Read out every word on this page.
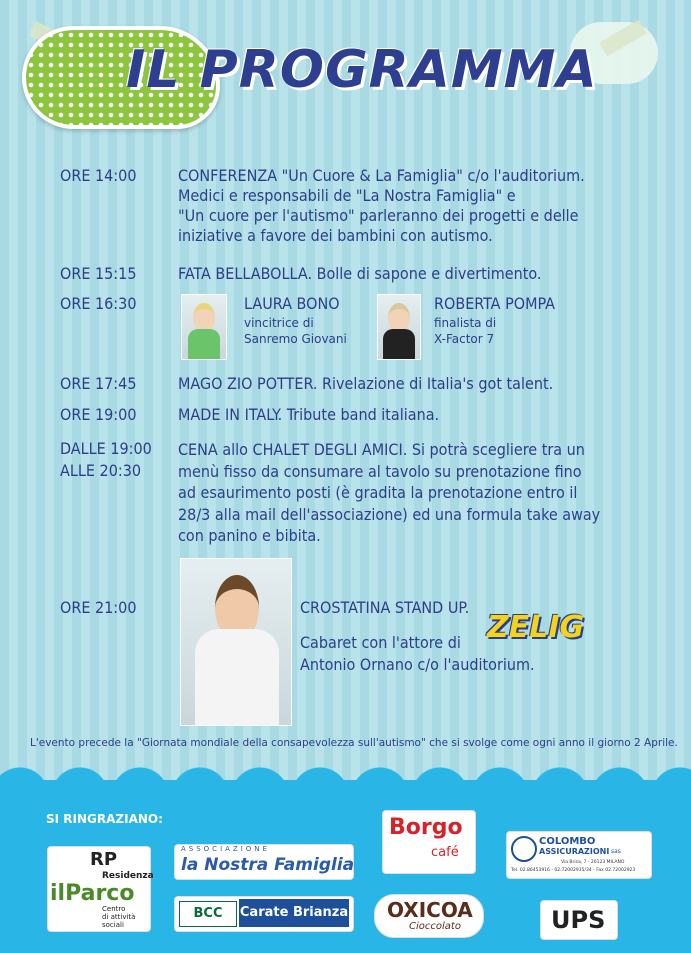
IL PROGRAMMA
ORE 14:00	CONFERENZA "Un Cuore & La Famiglia" c/o l'auditorium.
Medici e responsabili de "La Nostra Famiglia" e
"Un cuore per l'autismo" parleranno dei progetti e delle
iniziative a favore dei bambini con autismo.
ORE 15:15	FATA BELLABOLLA. Bolle di sapone e divertimento.
ORE 16:30	LAURA BONO
vincitrice di
Sanremo Giovani
ROBERTA POMPA
finalista di
X-Factor 7
ORE 17:45	MAGO ZIO POTTER. Rivelazione di Italia's got talent.
ORE 19:00	MADE IN ITALY. Tribute band italiana.
DALLE 19:00
ALLE 20:30
CENA allo CHALET DEGLI AMICI. Si potrà scegliere tra un
menù fisso da consumare al tavolo su prenotazione fino
ad esaurimento posti (è gradita la prenotazione entro il
28/3 alla mail dell'associazione) ed una formula take away
con panino e bibita.
ORE 21:00	CROSTATINA STAND UP.
Cabaret con l'attore di ZELIG
Antonio Ornano c/o l'auditorium.
L'evento precede la "Giornata mondiale della consapevolezza sull'autismo" che si svolge come ogni anno il giorno 2 Aprile.
SI RINGRAZIANO:
RP
Residenza
ilParco
Centro
di attività
sociali
ASSOCIAZIONE
la Nostra Famiglia
Borgo
café
COLOMBO
ASSICURAZIONI sas
Via Brisa, 7 - 20123 MILANO
Tel. 02.86453916 - 02.72002935/34 - Fax 02.72002923
BCC	Carate Brianza OXICOA
Cioccolato	UPS
